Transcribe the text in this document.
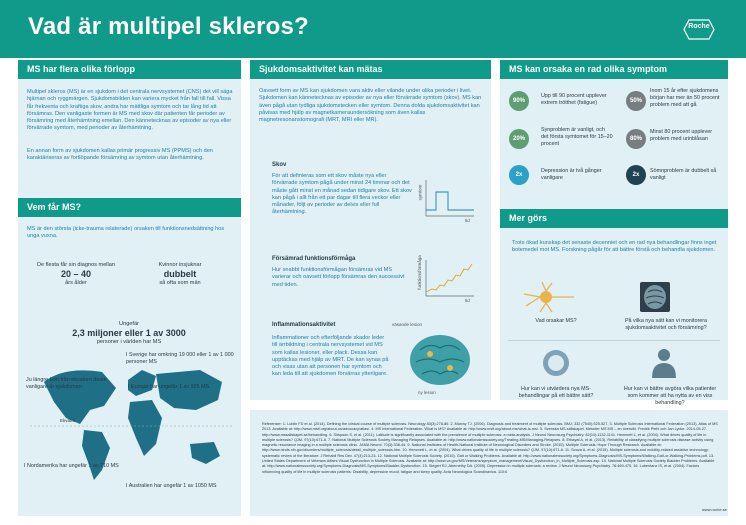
Vad är multipel skleros?	Roche
MS har flera olika förlopp
Multipel skleros (MS) är en sjukdom i det centrala nervsystemet (CNS) det vill säga hjärnan och ryggmärgen. Sjukdomsbilden kan variera mycket från fall till fall. Vissa får frekventa och kraftiga skov, andra har mättliga symtom och tar lång tid att försämras. Den vanligaste formen är MS med skov där patienten får perioder av försämring med återhämtning emellan. Den kännetecknas av episoder av nya eller förvärrade symtom, med perioder av återhämtning.
En annan form av sjukdomen kallas primär progressiv MS (PPMS) och den karaktäriseras av fortlöpande försämring av symtom utan återhämtning.
Vem får MS?
MS är den största (icke-trauma relaterade) orsaken till funktionsnedsättning hos unga vuxna.
De flesta får sin diagnos mellan
20 – 40
års ålder
Kvinnor insjuknar
dubbelt
så ofta som män
Ungefär
2,3 miljoner eller 1 av 3000
personer i världen har MS
Ekvator
I Sverige har omkring 19 000 eller 1 av 1 000 personer MS
Ju längre bort från ekvatorn desto vanligare är sjukdomen	I Europa har ungefär 1 av 925 MS
I Nordamerika har ungefär 1 av 710 MS
I Australien har ungefär 1 av 1050 MS
Sjukdomsaktivitet kan mätas
Oavsett form av MS kan sjukdomen vara aktiv eller vilande under olika perioder i livet. Sjukdomen kan kännetecknas av episoder av nya eller förvärrade symtom (skov). MS kan även pågå utan tydliga sjukdomstecken eller symtom. Denna dolda sjukdomsaktivitet kan påvisas med hjälp av magnetkameraundersökning som även kallas magnetresonanstomografi (MRT, MRI eller MR).
Skov
För att definieras som ett skov måste nya eller förvärrade symtom pågå under minst 24 timmar och det måste gått minst en månad sedan tidigare skov. Ett skov kan pågå i allt från ett par dagar till flera veckor eller månader, följt av perioder av delvis eller full återhämtning.
symtom
tid
Försämrad funktionsförmåga
Hur snabbt funktionsförmågan försämras vid MS varierar och oavsett förlopp försämras den successivt med tiden.	funktionsförmåga
tid
Inflammationsaktivitet
Inflammationer och efterföljande skador leder till ärrbildning i centrala nervsystemet vid MS som kallas lesioner, eller plack. Dessa kan upptäckas med hjälp av MRT. De kan synas på och visas utan att personen har symtom och kan leda till att sjukdomen förvärras ytterligare.
väsande lesion
ny lesion
MS kan orsaka en rad olika symptom
90%
Upp till 90 procent upplever extrem trötthet (fatigue)	50%
Inom 15 år efter sjukdomens början har mer än 50 procent problem med att gå
20%
Synproblem är vanligt, och det första symtomet för 15–20 procent
80%
Minst 80 procent upplever problem med urinblåsan
2x
Depression är två gånger vanligare	2x
Sömnproblem är dubbelt så vanligt
Mer görs
Trots ökad kunskap det senaste decenniet och en rad nya behandlingar finns inget botemedel mot MS. Forskning pågår för att bättre förstå och behandla sjukdomen.
Vad orsakar MS?	På vilka nya sätt kan vi monitorera sjukdomsaktivitet och försämring?
Hur kan vi utvärdera nya MS-behandlingar på ett bättre sätt?
Hur kan vi bättre avgöra vilka patienter som kommer att ha nytta av en viss behandling?
Referenser: 1. Lublin FD et al. (2014). Defining the clinical course of multiple sclerosis. Neurology 83(3):278-86. 2. Murray TJ. (2006). Diagnosis and treatment of multiple sclerosis. BMJ; 332 (7540):525-527. 3. Multiple Sclerosis International Federation (2013). Atlas of MS 2013. Available at: http://www.msif.org/about-us/advocacy/atlas/. 4. MS International Federation. What is MS? Available at: http://www.msif.org/about-ms/what-is-ms/. 5. Svenska MS-sällskapet. Metoder MS MS – en översikt. Fredrik Piehl och Jan Lycke. 2014-05-27. http://www.mssallskapet.se/behandling. 6. Simpson S, et al. (2011). Latitude is significantly associated with the prevalence of multiple sclerosis: a meta-analysis. J Neurol Neurosurg Psychiatry. 82(10):1132-1141. Hemmett L, et al. (2004). What drives quality of life in multiple sclerosis? QJM. 97(10):671-6. 7. National Multiple Sclerosis Society Managing Relapses. Available at: http://www.nationalmssociety.org/Treating-MS/Managing-Relapses. 8. Erbayat A, et al. (2013). Reliability of classifying multiple sclerosis disease activity using magnetic resonance imaging in a multiple sclerosis clinic. JAMA Neurol. 70(3):338-44. 9. National Institutes of Health-National Institute of Neurological Disorders and Stroke. (2015). Multiple Sclerosis: Hope Through Research. Available at: http://www.ninds.nih.gov/disorders/multiple_sclerosis/detail_multiple_sclerosis.htm. 10. Hemmett L, et al. (2004). What drives quality of life in multiple sclerosis? QJM. 97(10):671-6. 11. Souza A, et al. (2015). Multiple sclerosis and mobility-related assistive technology: systematic review of the literature. J Rehabil Res Dev. 47(3):213-23. 12. National Multiple Sclerosis Society. (2015). Gait or Walking Problems. Available at: http://www.nationalmssociety.org/Symptoms-Diagnosis/MS-Symptoms/Walking-Gait-or-Walking-Problems.pdf. 13. United States Department of Veterans Affairs Visual Dysfunction in Multiple Sclerosis. Available at: http://www.va.gov/MS/Veterans/symptom_management/Visual_Dysfunction_in_Multiple_Sclerosis.asp. 14. National Multiple Sclerosis Society Bladder Problems. Available at: http://www.nationalmssociety.org/Symptoms-Diagnosis/MS-Symptoms/Bladder-Dysfunction. 15. Siegert RJ, Abernethy DA. (2005). Depression in multiple sclerosis: a review. J Neurol Neurosurg Psychiatry. 76:469-475. 16. Lobentanz IS, et al. (2004). Factors influencing quality of life in multiple sclerosis patients: Disability, depressive mood, fatigue and sleep quality. Acta Neurologica Scandinavica. 110:6
www.roche.se
